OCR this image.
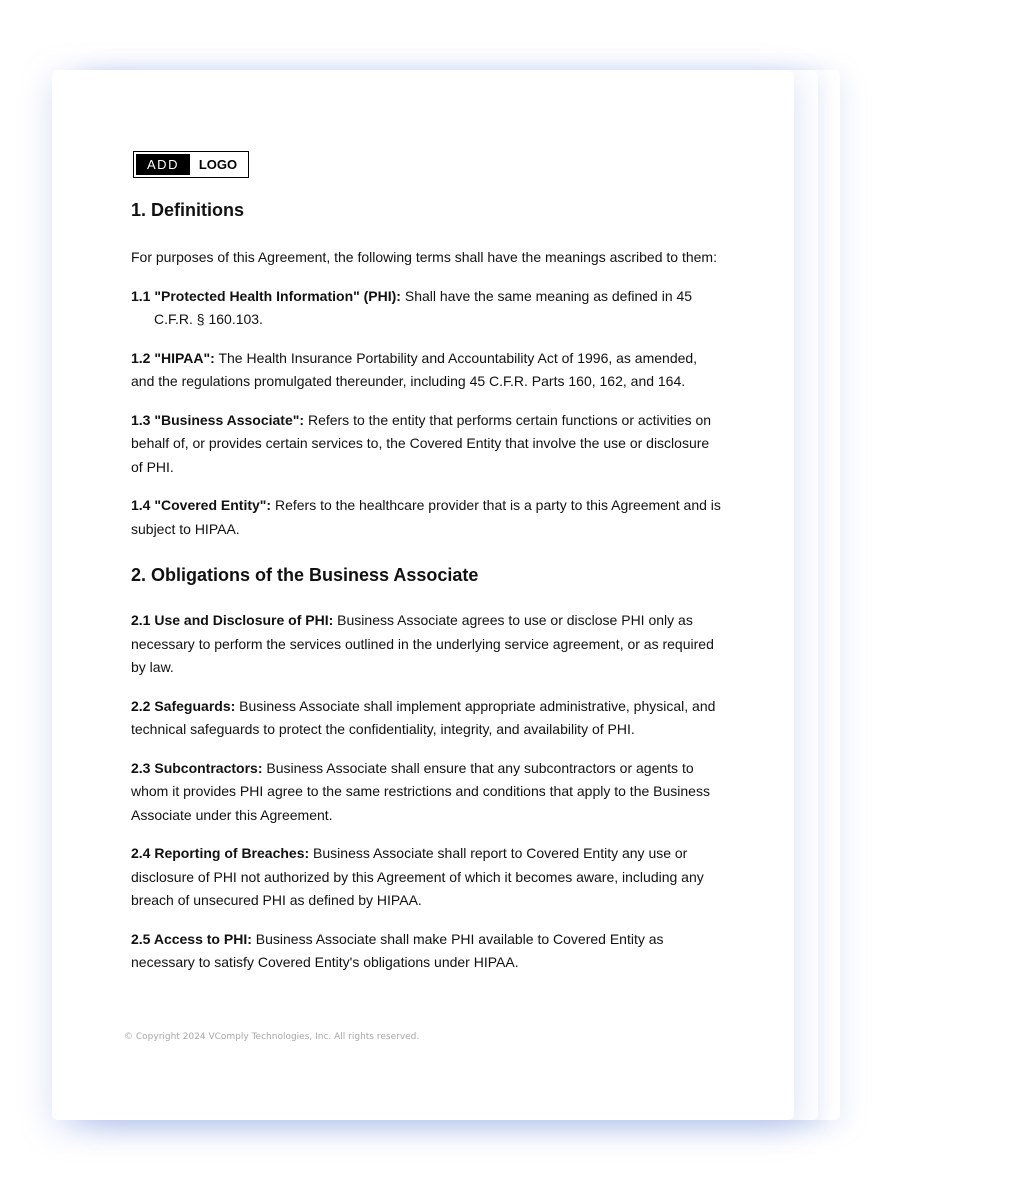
ADD	LOGO
1. Definitions

For purposes of this Agreement, the following terms shall have the meanings ascribed to them:

1.1 "Protected Health Information" (PHI): Shall have the same meaning as defined in 45 C.F.R. § 160.103.

1.2 "HIPAA": The Health Insurance Portability and Accountability Act of 1996, as amended, and the regulations promulgated thereunder, including 45 C.F.R. Parts 160, 162, and 164.

1.3 "Business Associate": Refers to the entity that performs certain functions or activities on behalf of, or provides certain services to, the Covered Entity that involve the use or disclosure of PHI.

1.4 "Covered Entity": Refers to the healthcare provider that is a party to this Agreement and is subject to HIPAA.

2. Obligations of the Business Associate

2.1 Use and Disclosure of PHI: Business Associate agrees to use or disclose PHI only as necessary to perform the services outlined in the underlying service agreement, or as required by law.

2.2 Safeguards: Business Associate shall implement appropriate administrative, physical, and technical safeguards to protect the confidentiality, integrity, and availability of PHI.

2.3 Subcontractors: Business Associate shall ensure that any subcontractors or agents to whom it provides PHI agree to the same restrictions and conditions that apply to the Business Associate under this Agreement.

2.4 Reporting of Breaches: Business Associate shall report to Covered Entity any use or disclosure of PHI not authorized by this Agreement of which it becomes aware, including any breach of unsecured PHI as defined by HIPAA.

2.5 Access to PHI: Business Associate shall make PHI available to Covered Entity as necessary to satisfy Covered Entity's obligations under HIPAA.

© Copyright 2024 VComply Technologies, Inc. All rights reserved.
